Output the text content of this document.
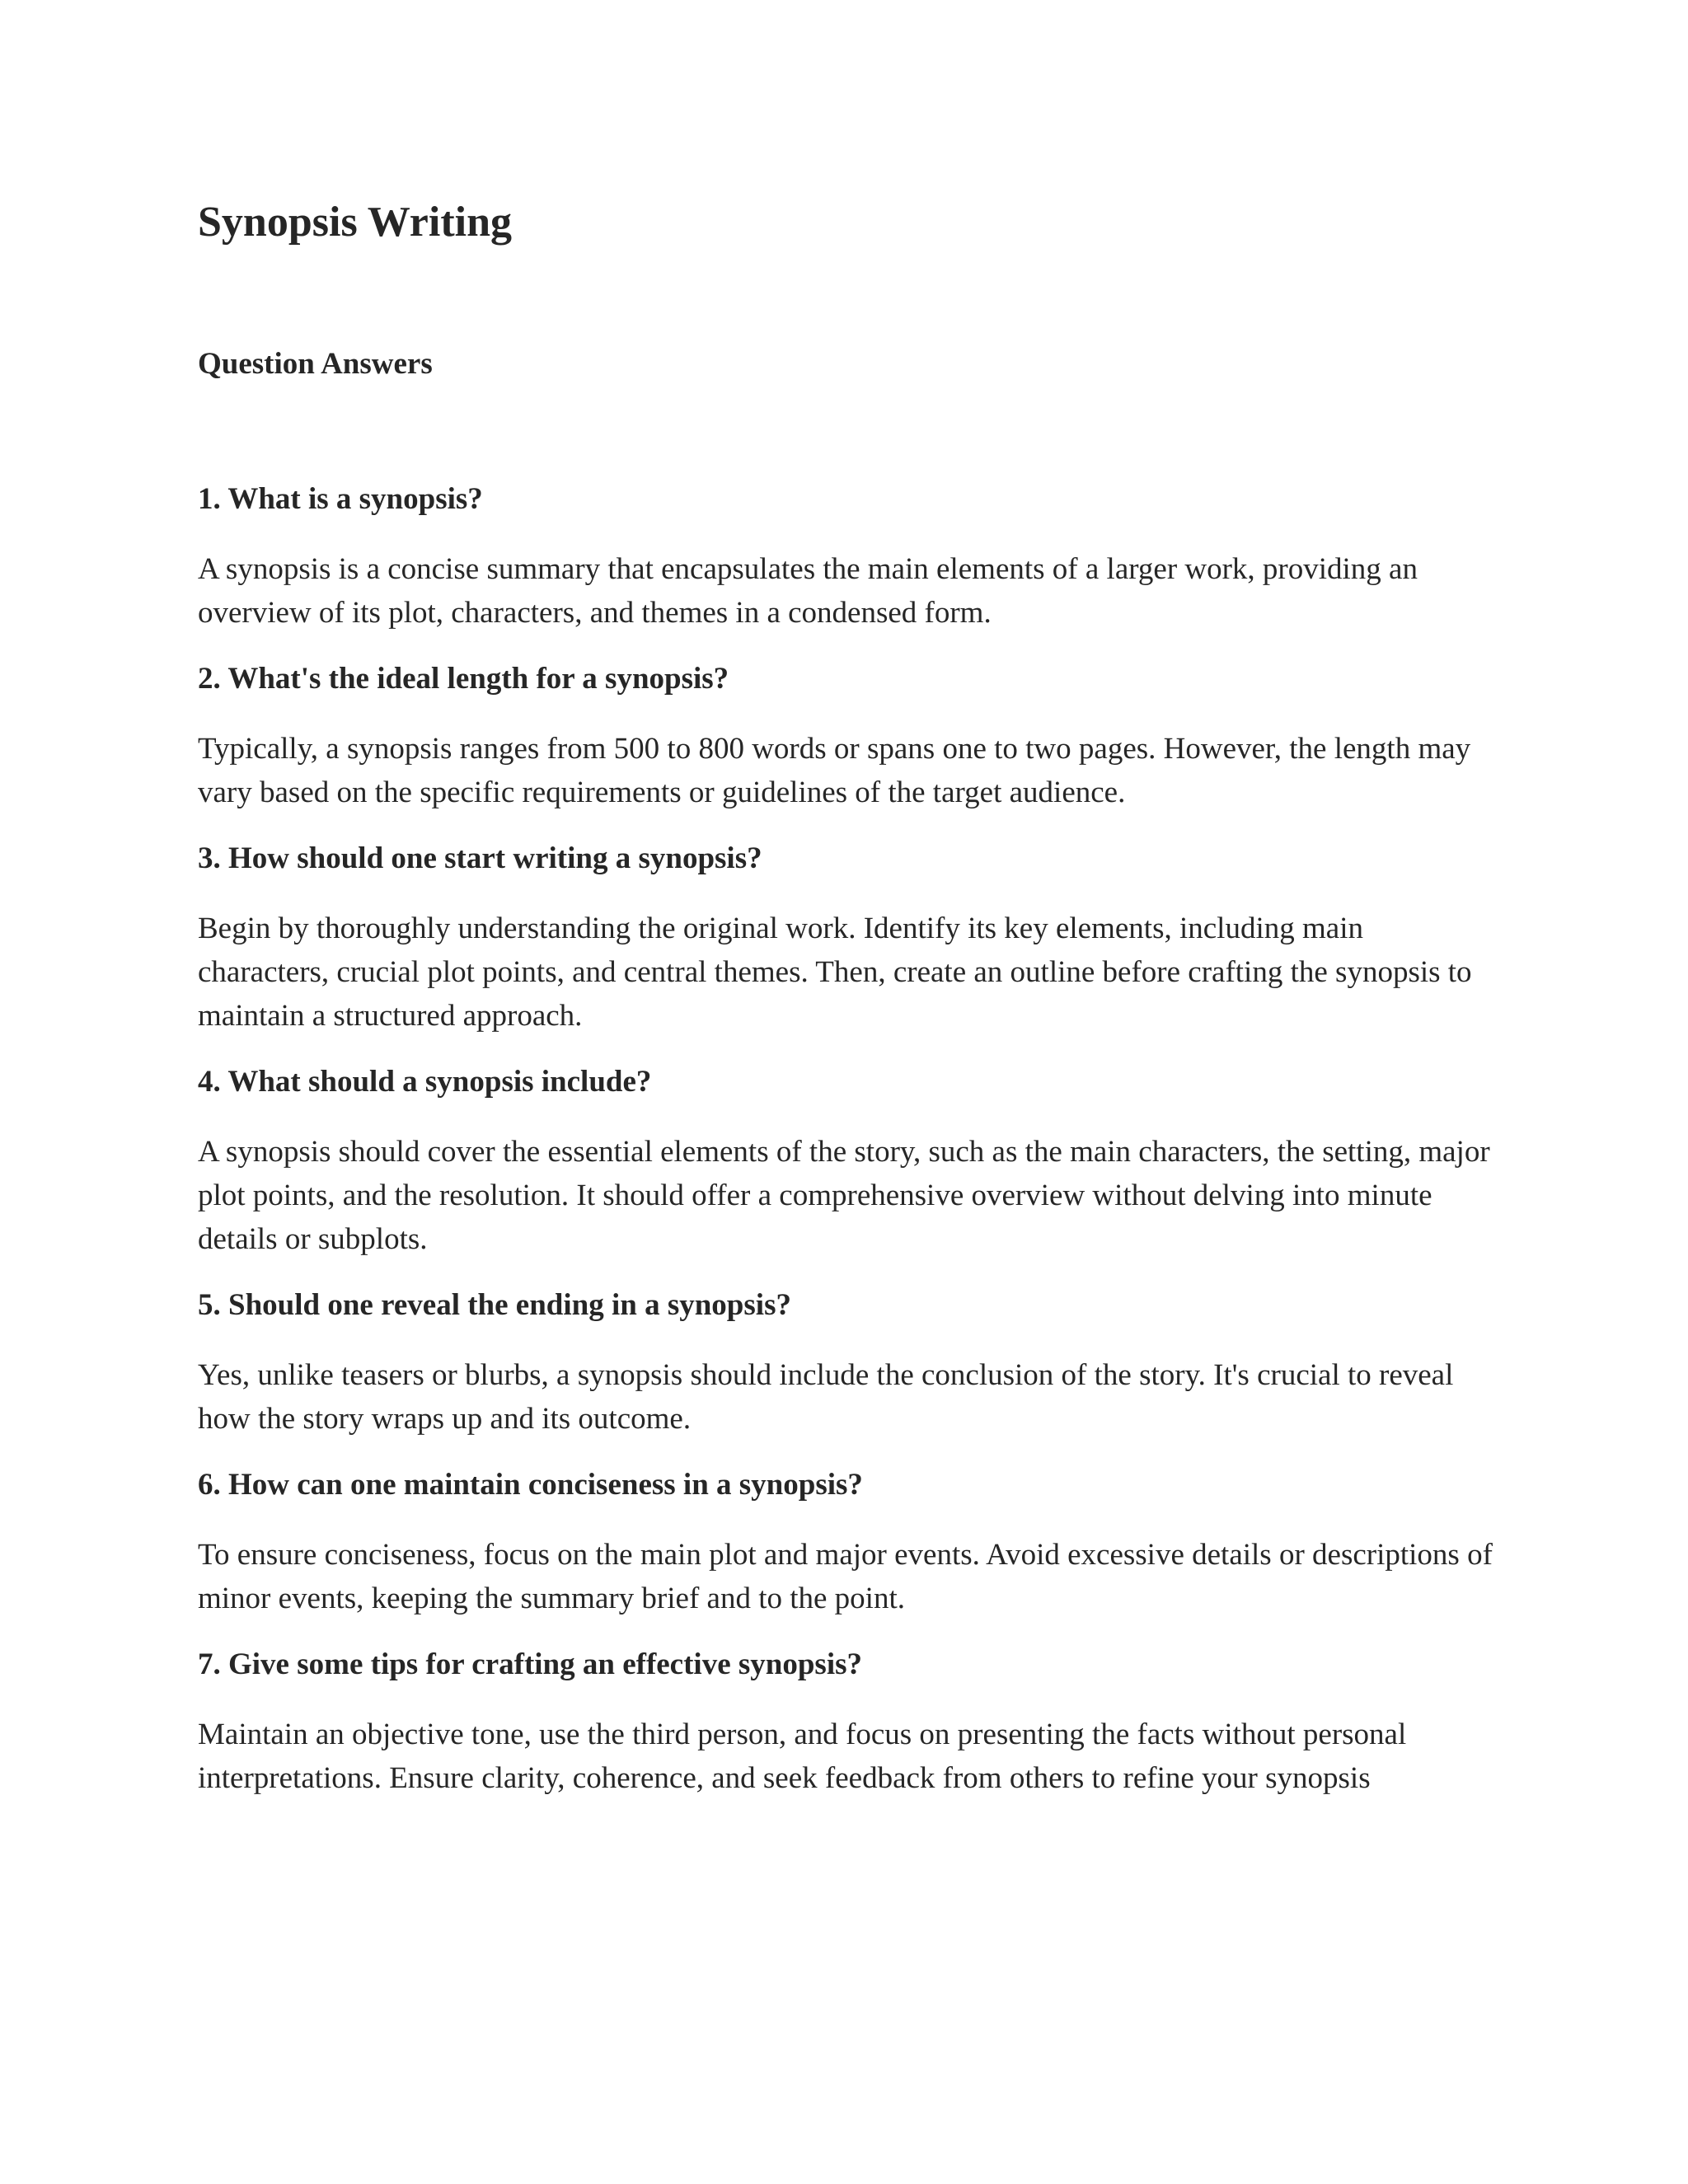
Synopsis Writing
Question Answers

1. What is a synopsis?

A synopsis is a concise summary that encapsulates the main elements of a larger work, providing an overview of its plot, characters, and themes in a condensed form.

2. What's the ideal length for a synopsis?

Typically, a synopsis ranges from 500 to 800 words or spans one to two pages. However, the length may vary based on the specific requirements or guidelines of the target audience.

3. How should one start writing a synopsis?

Begin by thoroughly understanding the original work. Identify its key elements, including main characters, crucial plot points, and central themes. Then, create an outline before crafting the synopsis to maintain a structured approach.

4. What should a synopsis include?

A synopsis should cover the essential elements of the story, such as the main characters, the setting, major plot points, and the resolution. It should offer a comprehensive overview without delving into minute details or subplots.

5. Should one reveal the ending in a synopsis?

Yes, unlike teasers or blurbs, a synopsis should include the conclusion of the story. It's crucial to reveal how the story wraps up and its outcome.

6. How can one maintain conciseness in a synopsis?

To ensure conciseness, focus on the main plot and major events. Avoid excessive details or descriptions of minor events, keeping the summary brief and to the point.

7. Give some tips for crafting an effective synopsis?

Maintain an objective tone, use the third person, and focus on presenting the facts without personal interpretations. Ensure clarity, coherence, and seek feedback from others to refine your synopsis
